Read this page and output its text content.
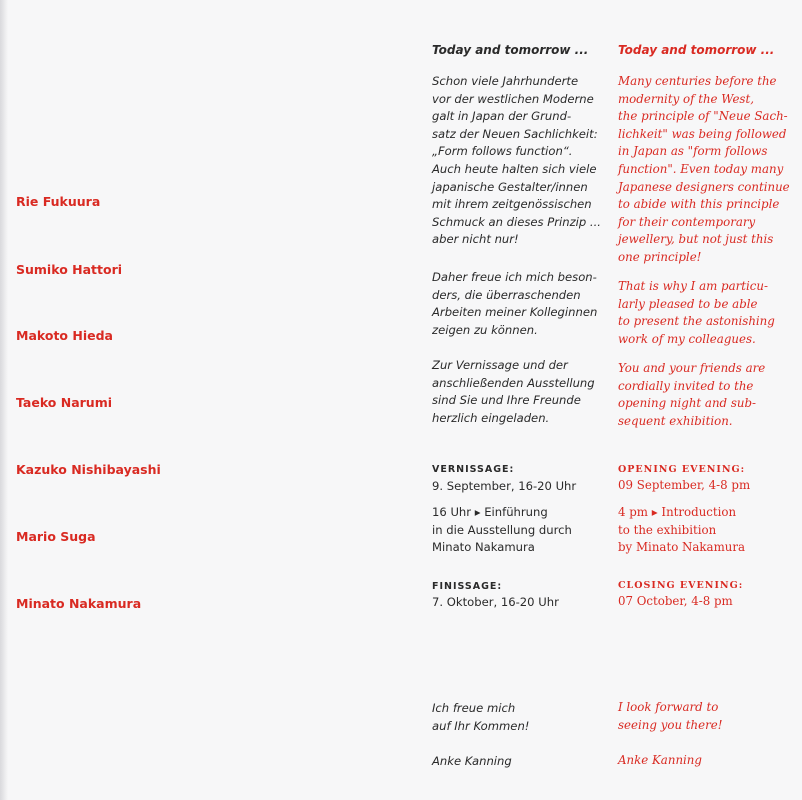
Rie Fukuura
Sumiko Hattori
Makoto Hieda
Taeko Narumi
Kazuko Nishibayashi
Mario Suga
Minato Nakamura

Today and tomorrow ...

Schon viele Jahrhunderte
vor der westlichen Moderne
galt in Japan der Grund-
satz der Neuen Sachlichkeit:
„Form follows function“.
Auch heute halten sich viele
japanische Gestalter/innen
mit ihrem zeitgenössischen
Schmuck an dieses Prinzip ...
aber nicht nur!

Daher freue ich mich beson-
ders, die überraschenden
Arbeiten meiner Kolleginnen
zeigen zu können.

Zur Vernissage und der
anschließenden Ausstellung
sind Sie und Ihre Freunde
herzlich eingeladen.

VERNISSAGE:

9. September, 16-20 Uhr

16 Uhr ▸ Einführung
in die Ausstellung durch
Minato Nakamura

FINISSAGE:

7. Oktober, 16-20 Uhr

Ich freue mich
auf Ihr Kommen!

Anke Kanning

Today and tomorrow ...

Many centuries before the
modernity of the West,
the principle of "Neue Sach-
lichkeit" was being followed
in Japan as "form follows
function". Even today many
Japanese designers continue
to abide with this principle
for their contemporary
jewellery, but not just this
one principle!

That is why I am particu-
larly pleased to be able
to present the astonishing
work of my colleagues.

You and your friends are
cordially invited to the
opening night and sub-
sequent exhibition.

OPENING EVENING:

09 September, 4-8 pm

4 pm ▸ Introduction
to the exhibition
by Minato Nakamura

CLOSING EVENING:

07 October, 4-8 pm

I look forward to
seeing you there!

Anke Kanning
